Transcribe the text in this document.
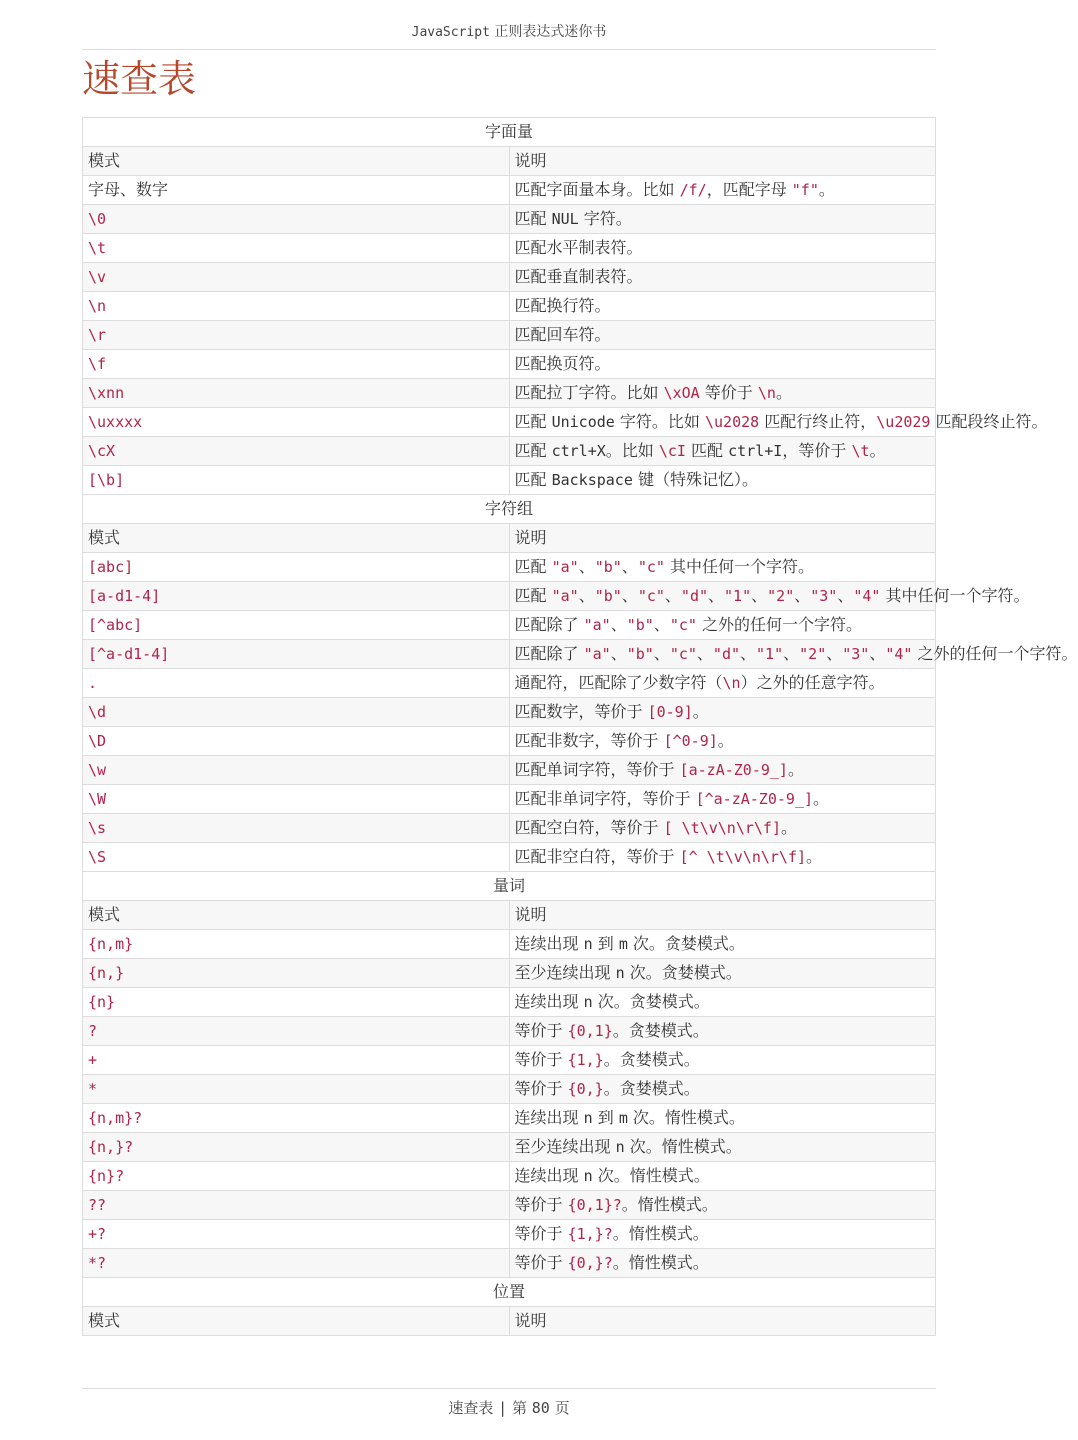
JavaScript 正则表达式迷你书
速查表
字面量	
模式	说明
字母、数字	匹配字面量本身。比如 /f/，匹配字母 "f"。
\0	匹配 NUL 字符。
\t	匹配水平制表符。
\v	匹配垂直制表符。
\n	匹配换行符。
\r	匹配回车符。
\f	匹配换页符。
\xnn	匹配拉丁字符。比如 \xOA 等价于 \n。
\uxxxx	匹配 Unicode 字符。比如 \u2028 匹配行终止符，\u2029 匹配段终止符。
\cX	匹配 ctrl+X。比如 \cI 匹配 ctrl+I，等价于 \t。
[\b]	匹配 Backspace 键（特殊记忆）。
字符组	
模式	说明
[abc]	匹配 "a"、"b"、"c" 其中任何一个字符。
[a-d1-4]	匹配 "a"、"b"、"c"、"d"、"1"、"2"、"3"、"4" 其中任何一个字符。
[^abc]	匹配除了 "a"、"b"、"c" 之外的任何一个字符。
[^a-d1-4]	匹配除了 "a"、"b"、"c"、"d"、"1"、"2"、"3"、"4" 之外的任何一个字符。
.	通配符，匹配除了少数字符（\n）之外的任意字符。
\d	匹配数字，等价于 [0-9]。
\D	匹配非数字，等价于 [^0-9]。
\w	匹配单词字符，等价于 [a-zA-Z0-9_]。
\W	匹配非单词字符，等价于 [^a-zA-Z0-9_]。
\s	匹配空白符，等价于 [ \t\v\n\r\f]。
\S	匹配非空白符，等价于 [^ \t\v\n\r\f]。
量词	
模式	说明
{n,m}	连续出现 n 到 m 次。贪婪模式。
{n,}	至少连续出现 n 次。贪婪模式。
{n}	连续出现 n 次。贪婪模式。
?	等价于 {0,1}。贪婪模式。
+	等价于 {1,}。贪婪模式。
*	等价于 {0,}。贪婪模式。
{n,m}?	连续出现 n 到 m 次。惰性模式。
{n,}?	至少连续出现 n 次。惰性模式。
{n}?	连续出现 n 次。惰性模式。
??	等价于 {0,1}?。惰性模式。
+?	等价于 {1,}?。惰性模式。
*?	等价于 {0,}?。惰性模式。
位置	
模式	说明
速查表 | 第 80 页
